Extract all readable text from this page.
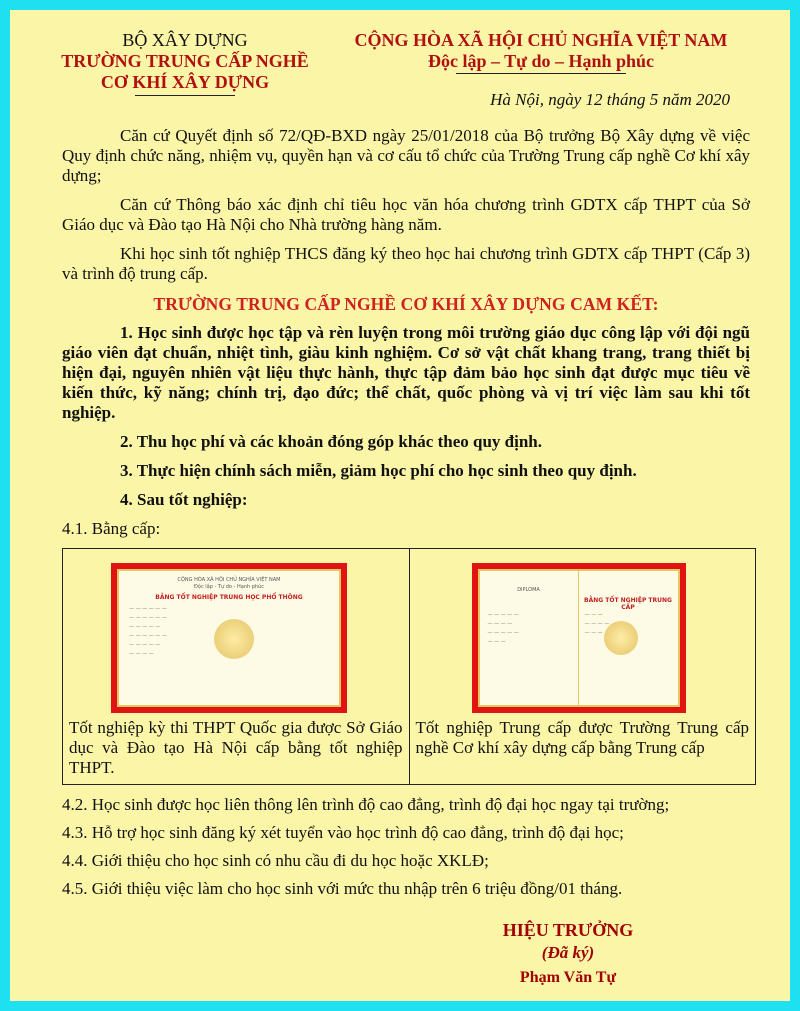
BỘ XÂY DỰNG
TRƯỜNG TRUNG CẤP NGHỀ
CƠ KHÍ XÂY DỰNG
CỘNG HÒA XÃ HỘI CHỦ NGHĨA VIỆT NAM
Độc lập – Tự do – Hạnh phúc
Hà Nội, ngày 12 tháng 5 năm 2020

Căn cứ Quyết định số 72/QĐ-BXD ngày 25/01/2018 của Bộ trưởng Bộ Xây dựng về việc Quy định chức năng, nhiệm vụ, quyền hạn và cơ cấu tổ chức của Trường Trung cấp nghề Cơ khí xây dựng;

Căn cứ Thông báo xác định chỉ tiêu học văn hóa chương trình GDTX cấp THPT của Sở Giáo dục và Đào tạo Hà Nội cho Nhà trường hàng năm.

Khi học sinh tốt nghiệp THCS đăng ký theo học hai chương trình GDTX cấp THPT (Cấp 3) và trình độ trung cấp.

TRƯỜNG TRUNG CẤP NGHỀ CƠ KHÍ XÂY DỰNG CAM KẾT:

1. Học sinh được học tập và rèn luyện trong môi trường giáo dục công lập với đội ngũ giáo viên đạt chuẩn, nhiệt tình, giàu kinh nghiệm. Cơ sở vật chất khang trang, trang thiết bị hiện đại, nguyên nhiên vật liệu thực hành, thực tập đảm bảo học sinh đạt được mục tiêu về kiến thức, kỹ năng; chính trị, đạo đức; thể chất, quốc phòng và vị trí việc làm sau khi tốt nghiệp.

2. Thu học phí và các khoản đóng góp khác theo quy định.

3. Thực hiện chính sách miễn, giảm học phí cho học sinh theo quy định.

4. Sau tốt nghiệp:

4.1. Bằng cấp:

CỘNG HÒA XÃ HỘI CHỦ NGHĨA VIỆT NAM
Độc lập - Tự do - Hạnh phúc
BẰNG TỐT NGHIỆP TRUNG HỌC PHỔ THÔNG
— — — — — —
— — — — — —
— — — — —
— — — — — —
— — — — —
— — — —
Tốt nghiệp kỳ thi THPT Quốc gia được Sở Giáo dục và Đào tạo Hà Nội cấp bằng tốt nghiệp THPT.

DIPLOMA
— — — — —
— — — —
— — — — —
— — —
BẰNG TỐT NGHIỆP TRUNG CẤP
— — —
— — — —
— — —
Tốt nghiệp Trung cấp được Trường Trung cấp nghề Cơ khí xây dựng cấp bằng Trung cấp

4.2. Học sinh được học liên thông lên trình độ cao đẳng, trình độ đại học ngay tại trường;

4.3. Hỗ trợ học sinh đăng ký xét tuyển vào học trình độ cao đẳng, trình độ đại học;

4.4. Giới thiệu cho học sinh có nhu cầu đi du học hoặc XKLĐ;

4.5. Giới thiệu việc làm cho học sinh với mức thu nhập trên 6 triệu đồng/01 tháng.

HIỆU TRƯỞNG
(Đã ký)
Phạm Văn Tự
